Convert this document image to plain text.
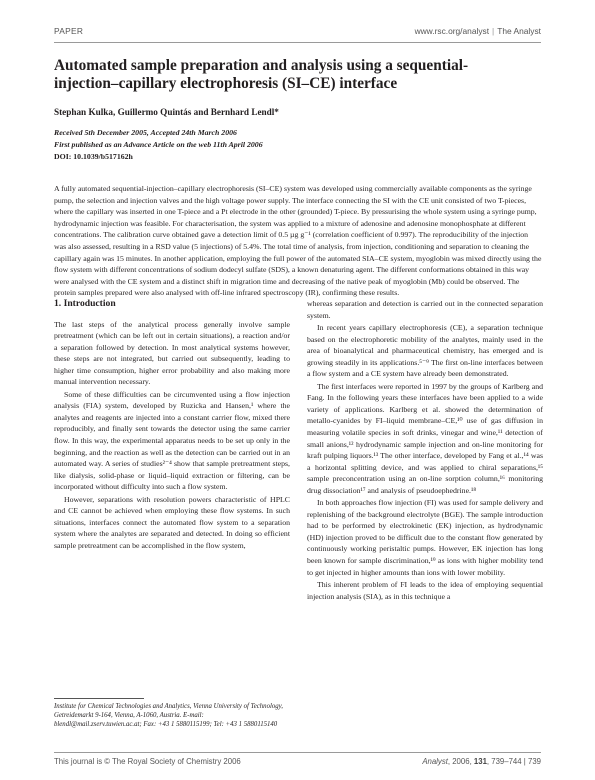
PAPER	www.rsc.org/analyst | The Analyst
Automated sample preparation and analysis using a sequential-injection–capillary electrophoresis (SI–CE) interface
Stephan Kulka, Guillermo Quintás and Bernhard Lendl*
Received 5th December 2005, Accepted 24th March 2006
First published as an Advance Article on the web 11th April 2006
DOI: 10.1039/b517162h
A fully automated sequential-injection–capillary electrophoresis (SI–CE) system was developed using commercially available components as the syringe pump, the selection and injection valves and the high voltage power supply. The interface connecting the SI with the CE unit consisted of two T-pieces, where the capillary was inserted in one T-piece and a Pt electrode in the other (grounded) T-piece. By pressurising the whole system using a syringe pump, hydrodynamic injection was feasible. For characterisation, the system was applied to a mixture of adenosine and adenosine monophosphate at different concentrations. The calibration curve obtained gave a detection limit of 0.5 µg g⁻¹ (correlation coefficient of 0.997). The reproducibility of the injection was also assessed, resulting in a RSD value (5 injections) of 5.4%. The total time of analysis, from injection, conditioning and separation to cleaning the capillary again was 15 minutes. In another application, employing the full power of the automated SIA–CE system, myoglobin was mixed directly using the flow system with different concentrations of sodium dodecyl sulfate (SDS), a known denaturing agent. The different conformations obtained in this way were analysed with the CE system and a distinct shift in migration time and decreasing of the native peak of myoglobin (Mb) could be observed. The protein samples prepared were also analysed with off-line infrared spectroscopy (IR), confirming these results.
1. Introduction

The last steps of the analytical process generally involve sample pretreatment (which can be left out in certain situations), a reaction and/or a separation followed by detection. In most analytical systems however, these steps are not integrated, but carried out subsequently, leading to higher time consumption, higher error probability and also making more manual intervention necessary.

Some of these difficulties can be circumvented using a flow injection analysis (FIA) system, developed by Ruzicka and Hansen,¹ where the analytes and reagents are injected into a constant carrier flow, mixed there reproducibly, and finally sent towards the detector using the same carrier flow. In this way, the experimental apparatus needs to be set up only in the beginning, and the reaction as well as the detection can be carried out in an automated way. A series of studies²⁻⁴ show that sample pretreatment steps, like dialysis, solid-phase or liquid–liquid extraction or filtering, can be incorporated without difficulty into such a flow system.

However, separations with resolution powers characteristic of HPLC and CE cannot be achieved when employing these flow systems. In such situations, interfaces connect the automated flow system to a separation system where the analytes are separated and detected. In doing so efficient sample pretreatment can be accomplished in the flow system,

whereas separation and detection is carried out in the connected separation system.

In recent years capillary electrophoresis (CE), a separation technique based on the electrophoretic mobility of the analytes, mainly used in the area of bioanalytical and pharmaceutical chemistry, has emerged and is growing steadily in its applications.⁵⁻⁹ The first on-line interfaces between a flow system and a CE system have already been demonstrated.

The first interfaces were reported in 1997 by the groups of Karlberg and Fang. In the following years these interfaces have been applied to a wide variety of applications. Karlberg et al. showed the determination of metallo-cyanides by FI–liquid membrane–CE,¹⁰ use of gas diffusion in measuring volatile species in soft drinks, vinegar and wine,¹¹ detection of small anions,¹² hydrodynamic sample injection and on-line monitoring for kraft pulping liquors.¹³ The other interface, developed by Fang et al.,¹⁴ was a horizontal splitting device, and was applied to chiral separations,¹⁵ sample preconcentration using an on-line sorption column,¹⁶ monitoring drug dissociation¹⁷ and analysis of pseudoephedrine.¹⁸

In both approaches flow injection (FI) was used for sample delivery and replenishing of the background electrolyte (BGE). The sample introduction had to be performed by electrokinetic (EK) injection, as hydrodynamic (HD) injection proved to be difficult due to the constant flow generated by continuously working peristaltic pumps. However, EK injection has long been known for sample discrimination,¹⁹ as ions with higher mobility tend to get injected in higher amounts than ions with lower mobility.

This inherent problem of FI leads to the idea of employing sequential injection analysis (SIA), as in this technique a

Institute for Chemical Technologies and Analytics, Vienna University of Technology, Getreidemarkt 9-164, Vienna, A-1060, Austria. E-mail: blendl@mail.zserv.tuwien.ac.at; Fax: +43 1 5880115199; Tel: +43 1 5880115140
This journal is © The Royal Society of Chemistry 2006	Analyst, 2006, 131, 739–744 | 739
